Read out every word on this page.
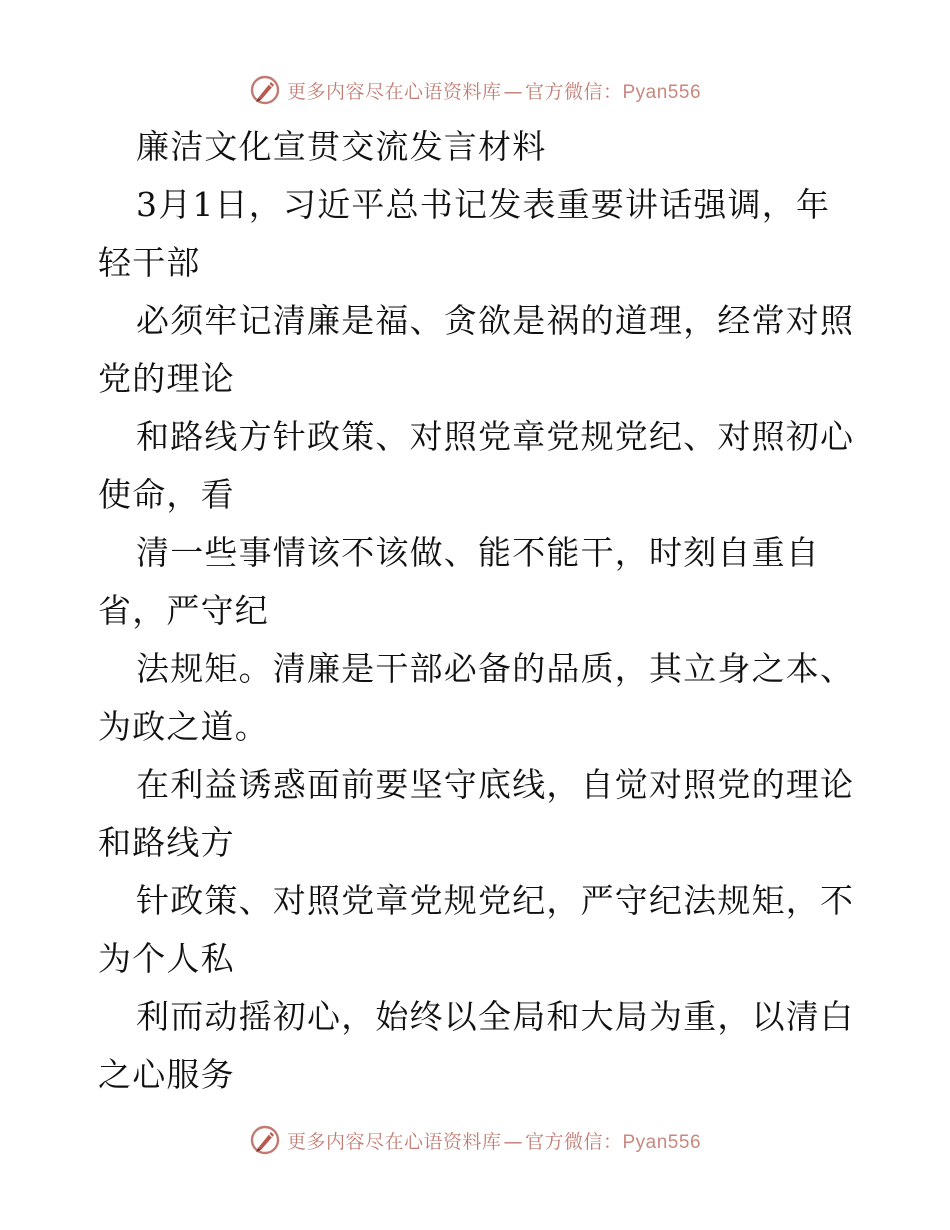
更多内容尽在心语资料库 — 官方微信：Pyan556
廉洁文化宣贯交流发言材料
3月1日，习近平总书记发表重要讲话强调，年
轻干部
必须牢记清廉是福、贪欲是祸的道理，经常对照
党的理论
和路线方针政策、对照党章党规党纪、对照初心
使命，看
清一些事情该不该做、能不能干，时刻自重自
省，严守纪
法规矩。清廉是干部必备的品质，其立身之本、
为政之道。
在利益诱惑面前要坚守底线，自觉对照党的理论
和路线方
针政策、对照党章党规党纪，严守纪法规矩，不
为个人私
利而动摇初心，始终以全局和大局为重，以清白
之心服务
更多内容尽在心语资料库 — 官方微信：Pyan556
